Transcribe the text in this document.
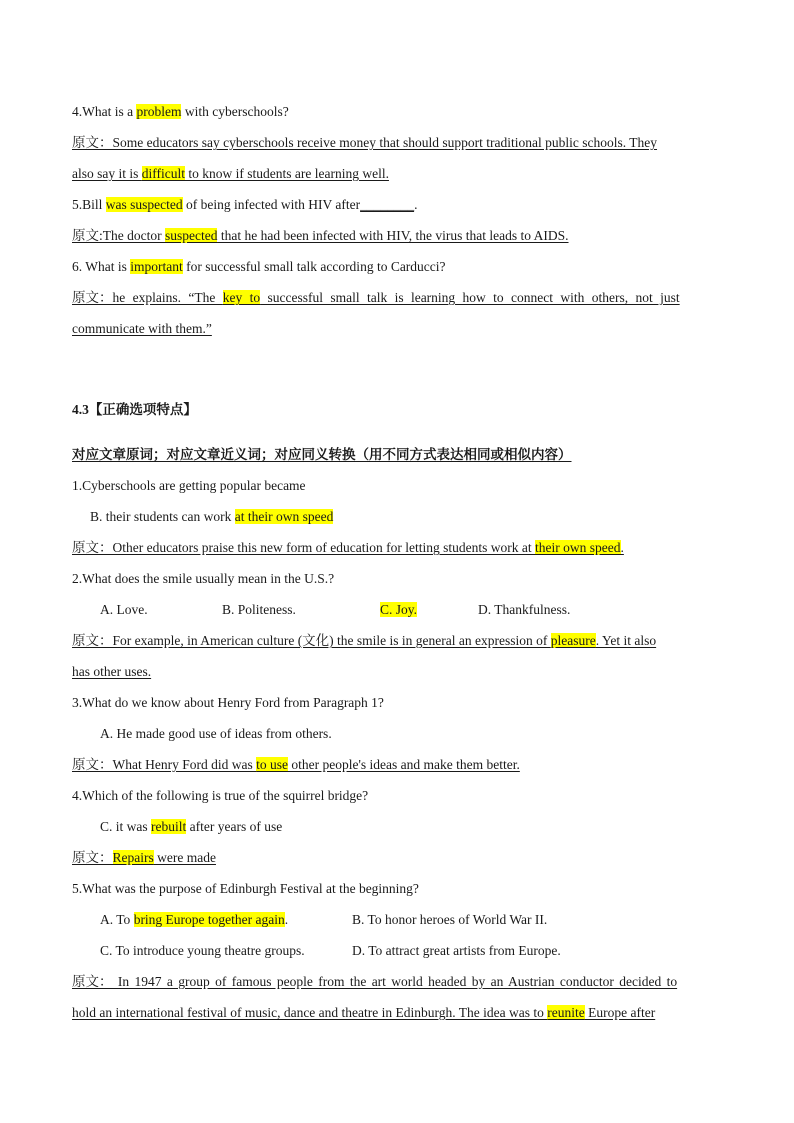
4.What is a problem with cyberschools?
原文：Some educators say cyberschools receive money that should support traditional public schools. They
also say it is difficult to know if students are learning well.
5.Bill was suspected of being infected with HIV after________.
原文:The doctor suspected that he had been infected with HIV, the virus that leads to AIDS.
6. What is important for successful small talk according to Carducci?
原文：he explains. “The key to successful small talk is learning how to connect with others, not just
communicate with them.”
4.3【正确选项特点】
对应文章原词；对应文章近义词；对应同义转换（用不同方式表达相同或相似内容）
1.Cyberschools are getting popular became
B. their students can work at their own speed
原文：Other educators praise this new form of education for letting students work at their own speed.
2.What does the smile usually mean in the U.S.?
A. Love.	B. Politeness.	C. Joy.	D. Thankfulness.
原文：For example, in American culture (文化) the smile is in general an expression of pleasure. Yet it also
has other uses.
3.What do we know about Henry Ford from Paragraph 1?
A. He made good use of ideas from others.
原文：What Henry Ford did was to use other people's ideas and make them better.
4.Which of the following is true of the squirrel bridge?
C. it was rebuilt after years of use
原文：Repairs were made
5.What was the purpose of Edinburgh Festival at the beginning?
A. To bring Europe together again.	B. To honor heroes of World War II.
C. To introduce young theatre groups.	D. To attract great artists from Europe.
原文： In 1947 a group of famous people from the art world headed by an Austrian conductor decided to
hold an international festival of music, dance and theatre in Edinburgh. The idea was to reunite Europe after
